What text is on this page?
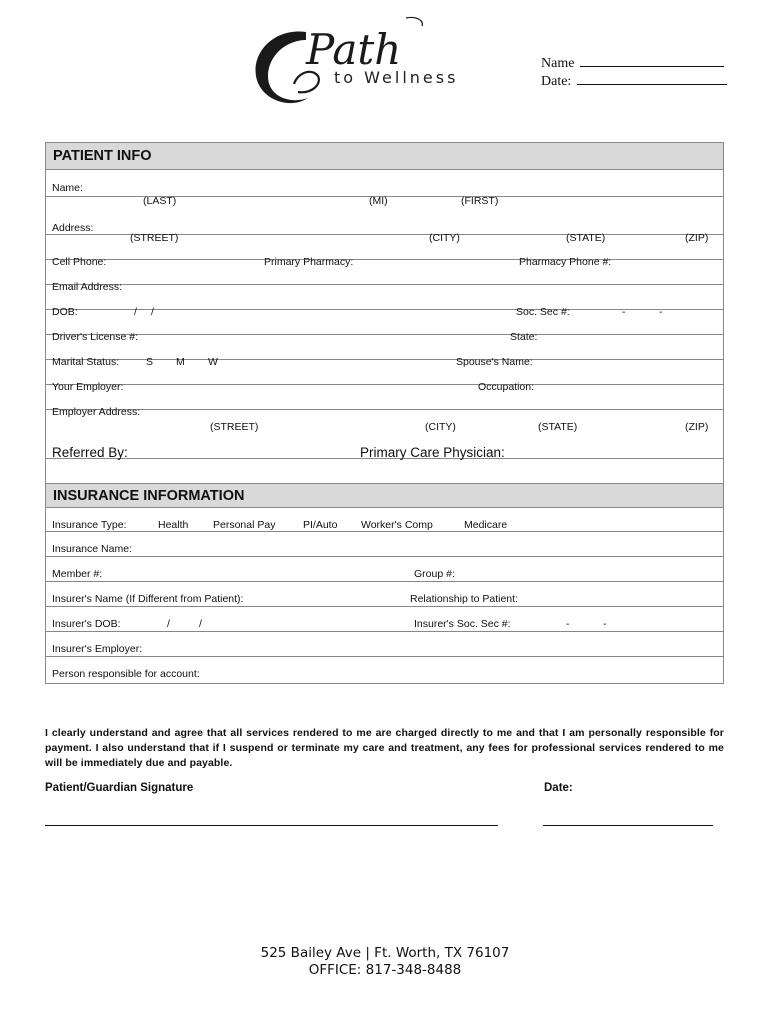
Path
to Wellness
Name
Date:
PATIENT INFO
Name:
(LAST)	(MI)	(FIRST)
Address:
(STREET)	(CITY)	(STATE)	(ZIP)
Cell Phone:	Primary Pharmacy:	Pharmacy Phone #:
Email Address:
DOB:	/ /	Soc. Sec #:	-	-
Driver's License #:	State:
Marital Status:	S M W	Spouse's Name:
Your Employer:	Occupation:
Employer Address:
(STREET)	(CITY)	(STATE)	(ZIP)
Referred By:	Primary Care Physician:
INSURANCE INFORMATION
Insurance Type:	Health Personal Pay	PI/Auto Worker's Comp	Medicare
Insurance Name:
Member #:	Group #:
Insurer's Name (If Different from Patient):	Relationship to Patient:
Insurer's DOB:	/	/	Insurer's Soc. Sec #:	-	-
Insurer's Employer:
Person responsible for account:
I clearly understand and agree that all services rendered to me are charged directly to me and that I am personally responsible for payment. I also understand that if I suspend or terminate my care and treatment, any fees for professional services rendered to me will be immediately due and payable.
Patient/Guardian Signature	Date:
525 Bailey Ave | Ft. Worth, TX 76107
OFFICE: 817-348-8488
